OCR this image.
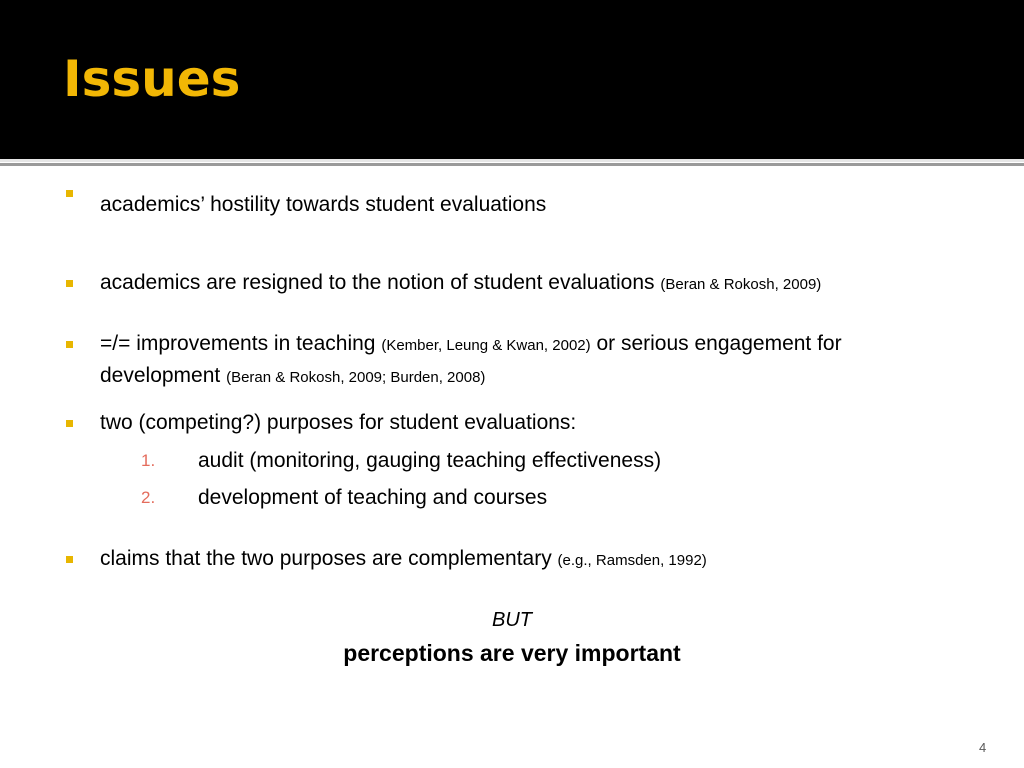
Issues
academics’ hostility towards student evaluations
academics are resigned to the notion of student evaluations (Beran & Rokosh, 2009)
=/= improvements in teaching (Kember, Leung & Kwan, 2002) or serious engagement for
development (Beran & Rokosh, 2009; Burden, 2008)
two (competing?) purposes for student evaluations:
1. audit (monitoring, gauging teaching effectiveness)
2. development of teaching and courses
claims that the two purposes are complementary (e.g., Ramsden, 1992)
BUT
perceptions are very important
4
